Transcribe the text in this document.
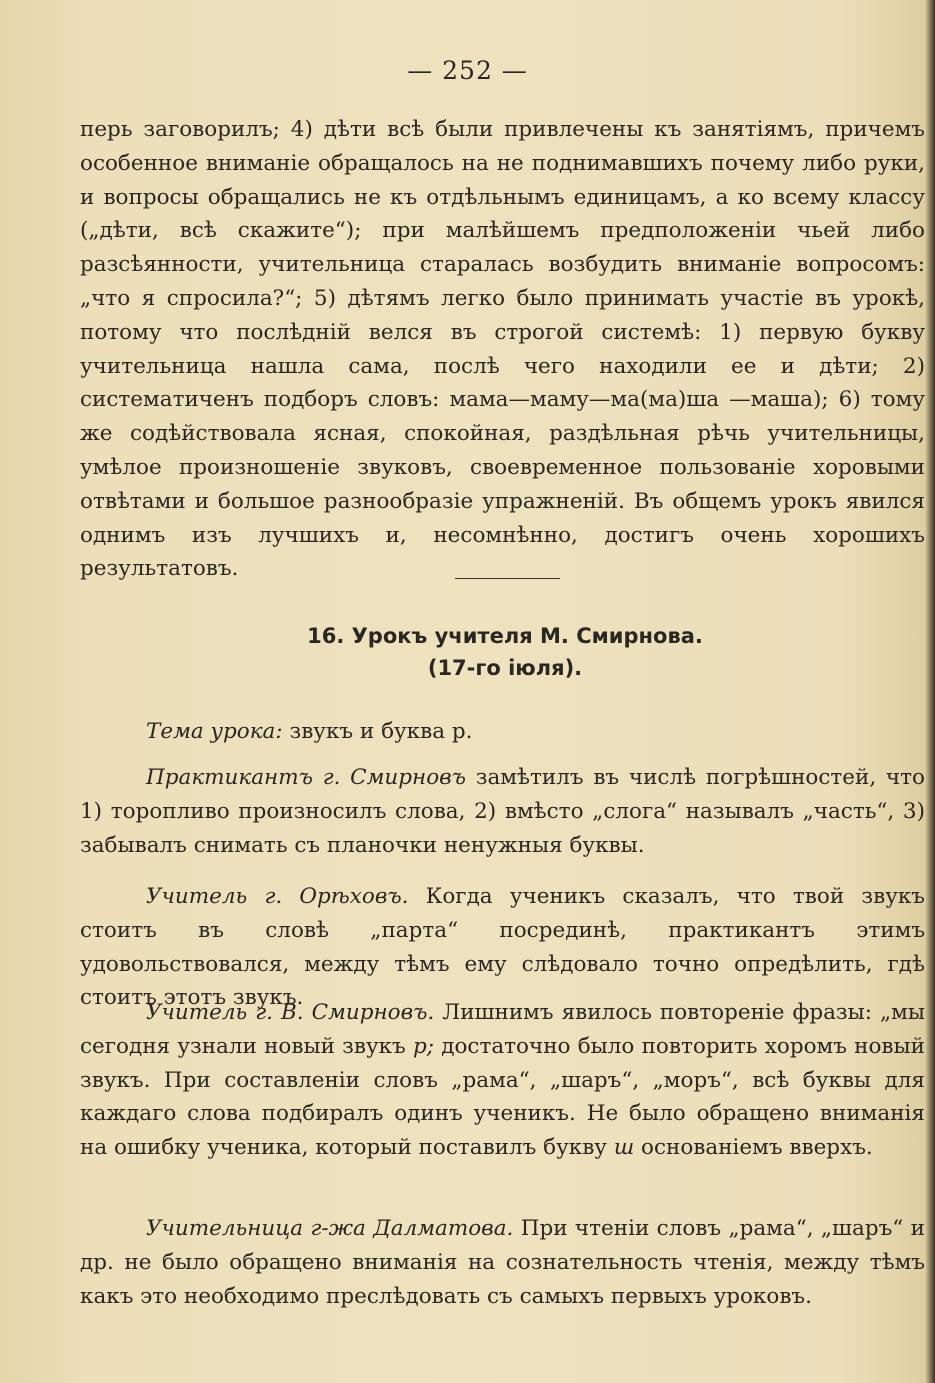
— 252 —

перь заговорилъ; 4) дѣти всѣ были привлечены къ занятіямъ, причемъ особенное вниманіе обращалось на не поднимавшихъ почему либо руки, и вопросы обращались не къ отдѣльнымъ единицамъ, а ко всему классу („дѣти, всѣ скажите“); при малѣйшемъ предположеніи чьей либо разсѣянности, учительница старалась возбудить вниманіе вопросомъ: „что я спросила?“; 5) дѣтямъ легко было принимать участіе въ урокѣ, потому что послѣдній велся въ строгой системѣ: 1) первую букву учительница нашла сама, послѣ чего находили ее и дѣти; 2) систематиченъ подборъ словъ: мама—маму—ма(ма)ша —маша); 6) тому же содѣйствовала ясная, спокойная, раздѣльная рѣчь учительницы, умѣлое произношеніе звуковъ, своевременное пользованіе хоровыми отвѣтами и большое разнообразіе упражненій. Въ общемъ урокъ явился однимъ изъ лучшихъ и, несомнѣнно, достигъ очень хорошихъ результатовъ.

16. Урокъ учителя М. Смирнова.
(17-го іюля).

Тема урока: звукъ и буква р.

Практикантъ г. Смирновъ замѣтилъ въ числѣ погрѣшностей, что 1) торопливо произносилъ слова, 2) вмѣсто „слога“ называлъ „часть“, 3) забывалъ снимать съ планочки ненужныя буквы.

Учитель г. Орѣховъ. Когда ученикъ сказалъ, что твой звукъ стоитъ въ словѣ „парта“ посрединѣ, практикантъ этимъ удовольствовался, между тѣмъ ему слѣдовало точно опредѣлить, гдѣ стоитъ этотъ звукъ.

Учитель г. В. Смирновъ. Лишнимъ явилось повтореніе фразы: „мы сегодня узнали новый звукъ р; достаточно было повторить хоромъ новый звукъ. При составленіи словъ „рама“, „шаръ“, „моръ“, всѣ буквы для каждаго слова подбиралъ одинъ ученикъ. Не было обращено вниманія на ошибку ученика, который поставилъ букву ш основаніемъ вверхъ.

Учительница г-жа Далматова. При чтеніи словъ „рама“, „шаръ“ и др. не было обращено вниманія на сознательность чтенія, между тѣмъ какъ это необходимо преслѣдовать съ самыхъ первыхъ уроковъ.
